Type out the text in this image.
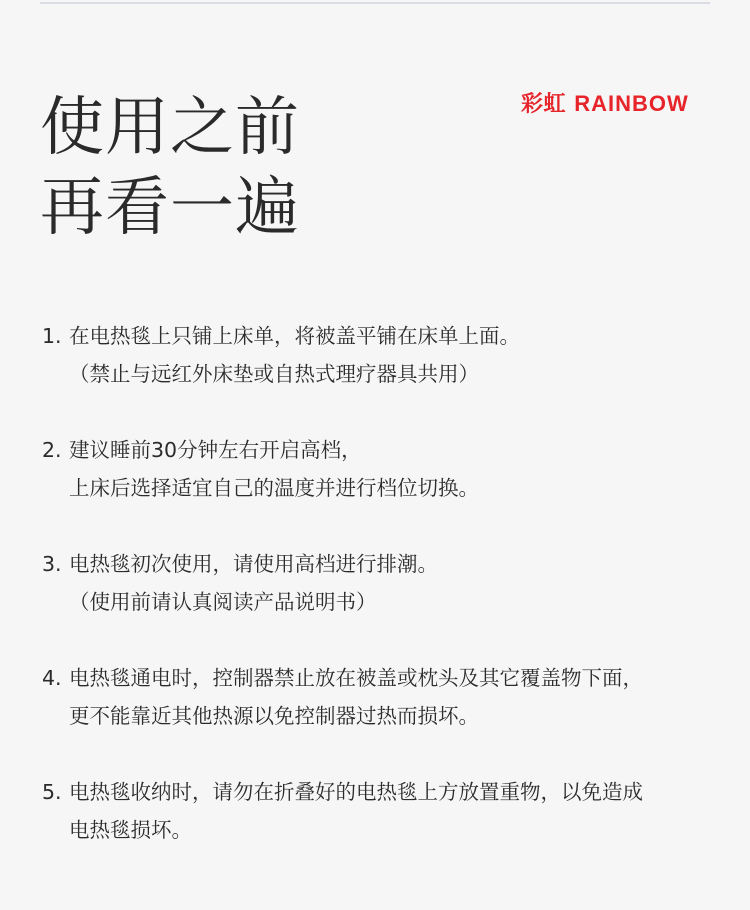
使用之前
再看一遍
彩虹 RAINBOW
1. 在电热毯上只铺上床单，将被盖平铺在床单上面。
（禁止与远红外床垫或自热式理疗器具共用）
2. 建议睡前30分钟左右开启高档，
上床后选择适宜自己的温度并进行档位切换。
3. 电热毯初次使用，请使用高档进行排潮。
（使用前请认真阅读产品说明书）
4. 电热毯通电时，控制器禁止放在被盖或枕头及其它覆盖物下面，
更不能靠近其他热源以免控制器过热而损坏。
5. 电热毯收纳时，请勿在折叠好的电热毯上方放置重物，以免造成
电热毯损坏。
